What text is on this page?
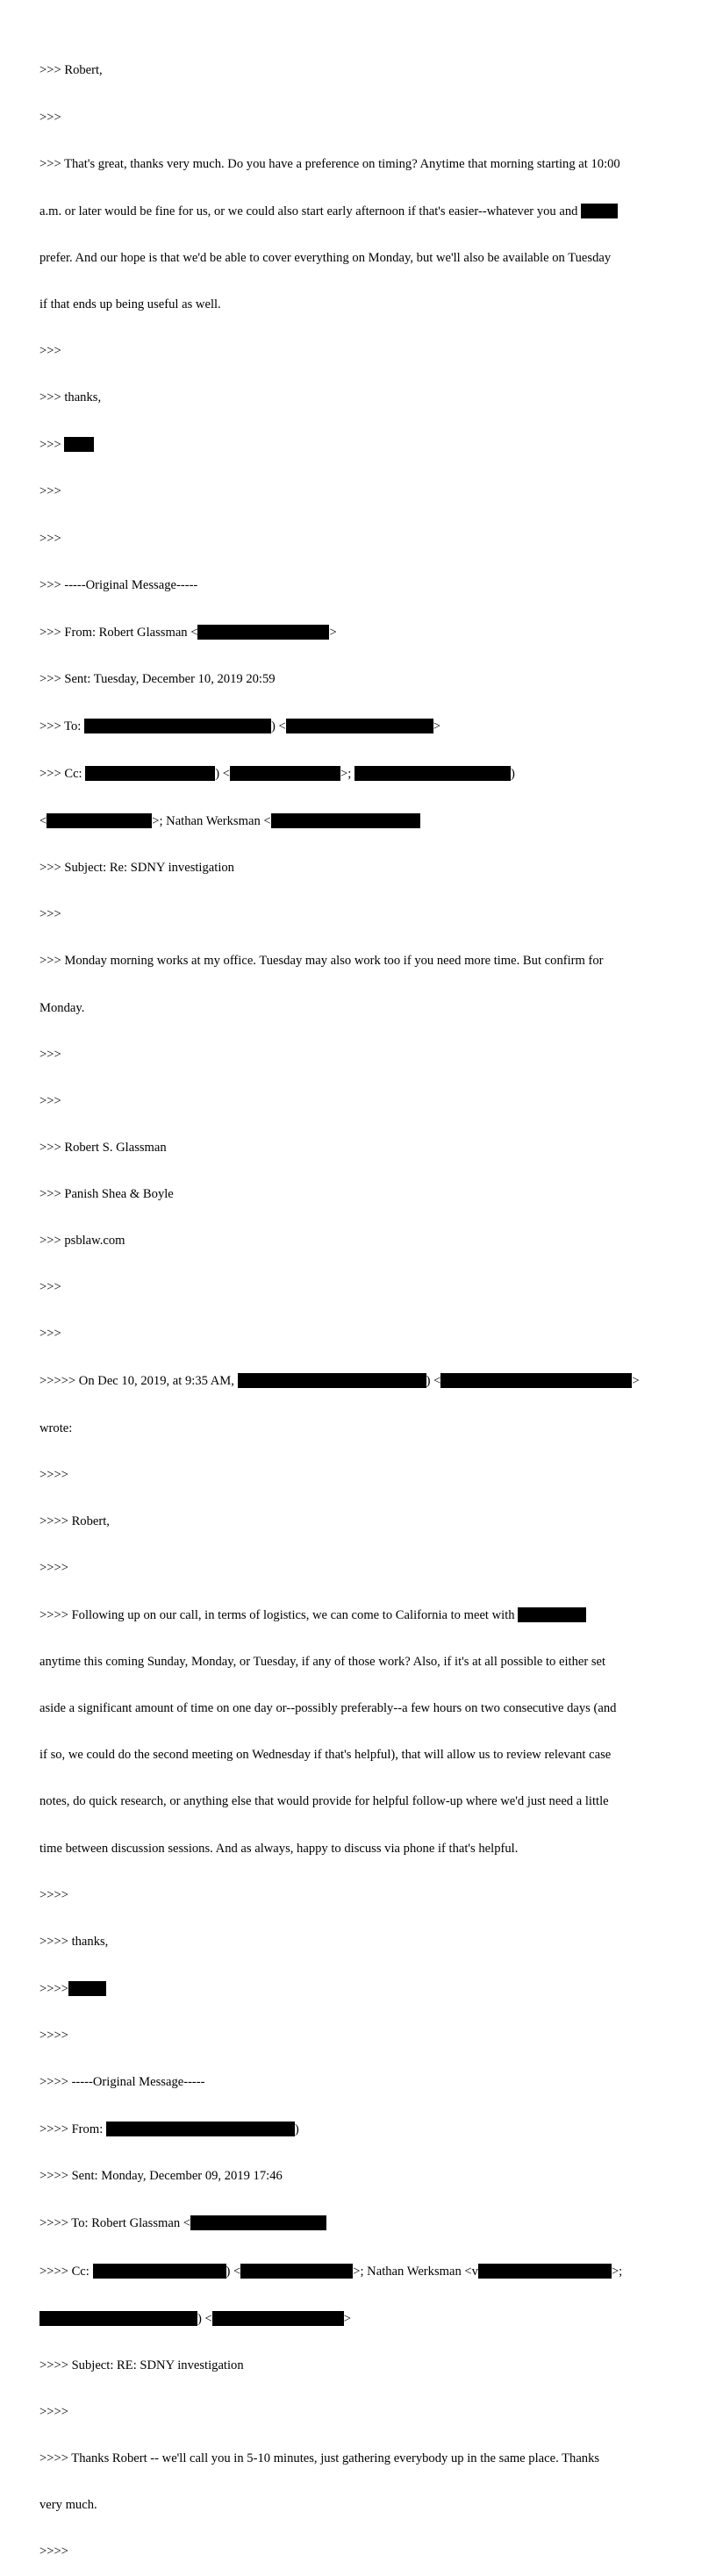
>>> Robert,

>>>

>>> That's great, thanks very much. Do you have a preference on timing? Anytime that morning starting at 10:00

a.m. or later would be fine for us, or we could also start early afternoon if that's easier--whatever you and

prefer. And our hope is that we'd be able to cover everything on Monday, but we'll also be available on Tuesday

if that ends up being useful as well.

>>>

>>> thanks,

>>>

>>>

>>>

>>> -----Original Message-----

>>> From: Robert Glassman <	>

>>> Sent: Tuesday, December 10, 2019 20:59

>>> To:	) <	>

>>> Cc:	) <	>;	)

<	>; Nathan Werksman <

>>> Subject: Re: SDNY investigation

>>>

>>> Monday morning works at my office. Tuesday may also work too if you need more time. But confirm for

Monday.

>>>

>>>

>>> Robert S. Glassman

>>> Panish Shea & Boyle

>>> psblaw.com

>>>

>>>

>>>>> On Dec 10, 2019, at 9:35 AM,	) <	>

wrote:

>>>>

>>>> Robert,

>>>>

>>>> Following up on our call, in terms of logistics, we can come to California to meet with

anytime this coming Sunday, Monday, or Tuesday, if any of those work? Also, if it's at all possible to either set

aside a significant amount of time on one day or--possibly preferably--a few hours on two consecutive days (and

if so, we could do the second meeting on Wednesday if that's helpful), that will allow us to review relevant case

notes, do quick research, or anything else that would provide for helpful follow-up where we'd just need a little

time between discussion sessions. And as always, happy to discuss via phone if that's helpful.

>>>>

>>>> thanks,

>>>>

>>>>

>>>> -----Original Message-----

>>>> From:	)

>>>> Sent: Monday, December 09, 2019 17:46

>>>> To: Robert Glassman <

>>>> Cc:	) <	>; Nathan Werksman <v	>;

) <	>

>>>> Subject: RE: SDNY investigation

>>>>

>>>> Thanks Robert -- we'll call you in 5-10 minutes, just gathering everybody up in the same place. Thanks

very much.

>>>>
